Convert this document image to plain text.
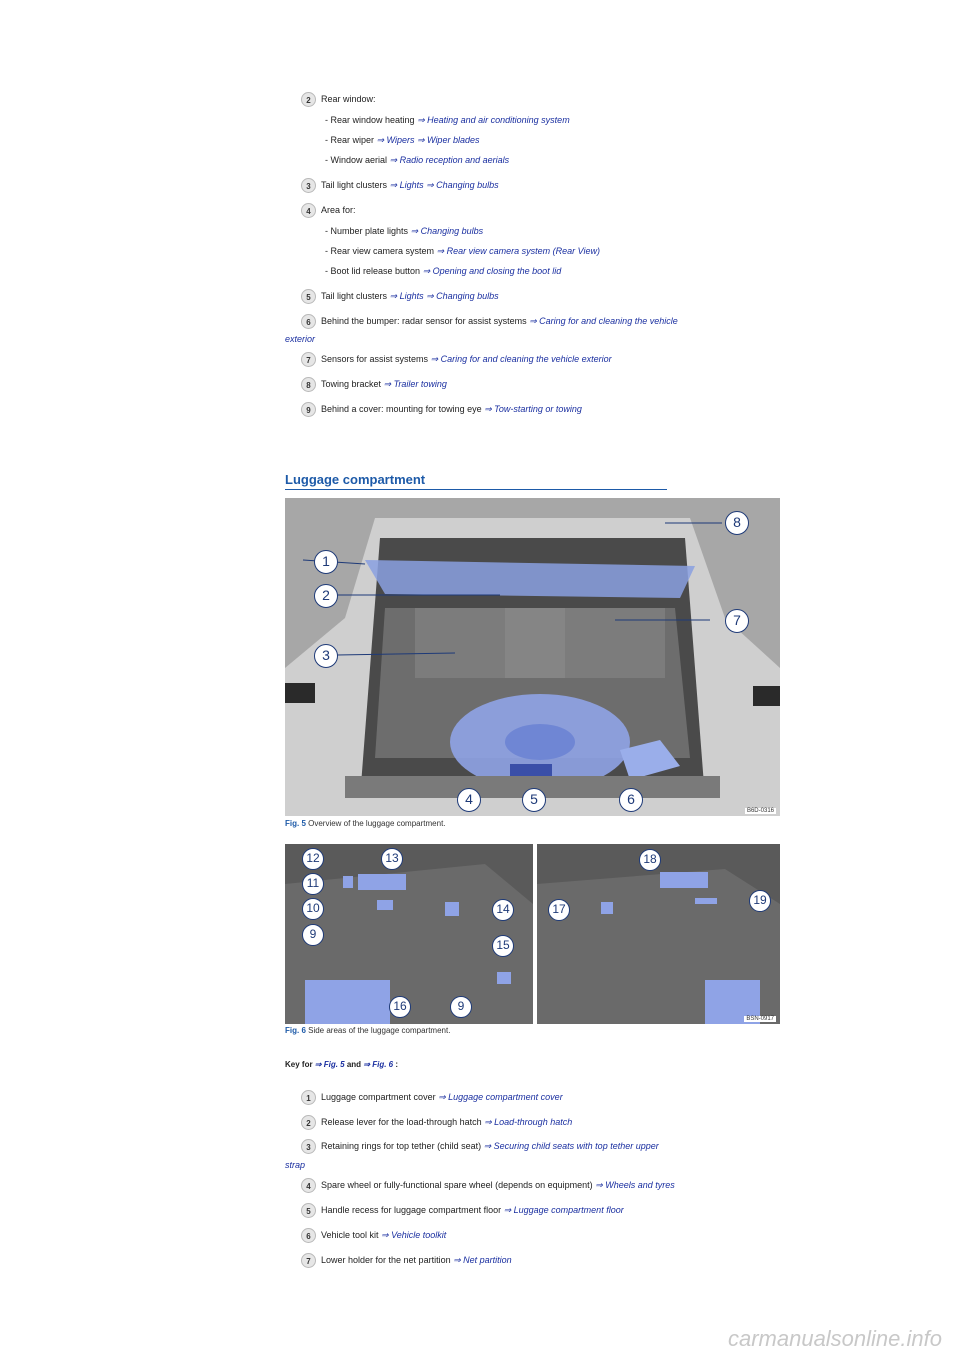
2 Rear window:
- Rear window heating ⇒ Heating and air conditioning system
- Rear wiper ⇒ Wipers ⇒ Wiper blades
- Window aerial ⇒ Radio reception and aerials
3 Tail light clusters ⇒ Lights ⇒ Changing bulbs
4 Area for:
- Number plate lights ⇒ Changing bulbs
- Rear view camera system ⇒ Rear view camera system (Rear View)
- Boot lid release button ⇒ Opening and closing the boot lid
5 Tail light clusters ⇒ Lights ⇒ Changing bulbs
6 Behind the bumper: radar sensor for assist systems ⇒ Caring for and cleaning the vehicle
exterior
7 Sensors for assist systems ⇒ Caring for and cleaning the vehicle exterior
8 Towing bracket ⇒ Trailer towing
9 Behind a cover: mounting for towing eye ⇒ Tow-starting or towing
Luggage compartment
1
2
3
4	5	6
7
8
B6D-0316
Fig. 5 Overview of the luggage compartment.
12	13
11
10
9
14
15
16	9
17
18
19
BSN-0917
Fig. 6 Side areas of the luggage compartment.
Key for ⇒ Fig. 5 and ⇒ Fig. 6 :
1 Luggage compartment cover ⇒ Luggage compartment cover
2 Release lever for the load-through hatch ⇒ Load-through hatch
3 Retaining rings for top tether (child seat) ⇒ Securing child seats with top tether upper
strap
4 Spare wheel or fully-functional spare wheel (depends on equipment) ⇒ Wheels and tyres
5 Handle recess for luggage compartment floor ⇒ Luggage compartment floor
6 Vehicle tool kit ⇒ Vehicle toolkit
7 Lower holder for the net partition ⇒ Net partition
carmanualsonline.info
